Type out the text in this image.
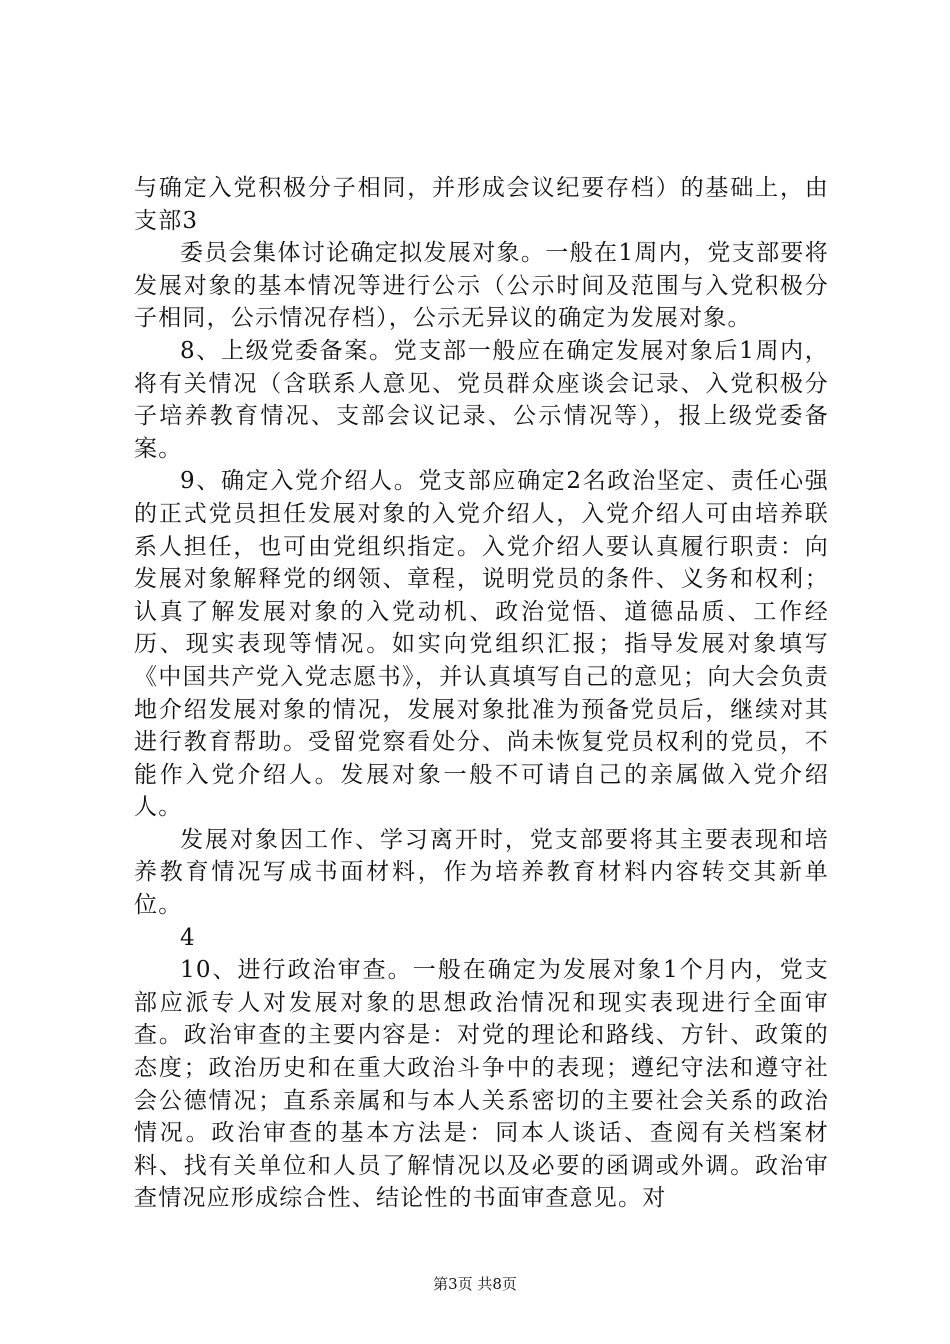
与确定入党积极分子相同，并形成会议纪要存档）的基础上，由支部3

委员会集体讨论确定拟发展对象。一般在1周内，党支部要将发展对象的基本情况等进行公示（公示时间及范围与入党积极分子相同，公示情况存档），公示无异议的确定为发展对象。

8、上级党委备案。党支部一般应在确定发展对象后1周内，将有关情况（含联系人意见、党员群众座谈会记录、入党积极分子培养教育情况、支部会议记录、公示情况等），报上级党委备案。

9、确定入党介绍人。党支部应确定2名政治坚定、责任心强的正式党员担任发展对象的入党介绍人，入党介绍人可由培养联系人担任，也可由党组织指定。入党介绍人要认真履行职责：向发展对象解释党的纲领、章程，说明党员的条件、义务和权利；认真了解发展对象的入党动机、政治觉悟、道德品质、工作经历、现实表现等情况。如实向党组织汇报；指导发展对象填写《中国共产党入党志愿书》，并认真填写自己的意见；向大会负责地介绍发展对象的情况，发展对象批准为预备党员后，继续对其进行教育帮助。受留党察看处分、尚未恢复党员权利的党员，不能作入党介绍人。发展对象一般不可请自己的亲属做入党介绍人。

发展对象因工作、学习离开时，党支部要将其主要表现和培养教育情况写成书面材料，作为培养教育材料内容转交其新单位。

4

10、进行政治审查。一般在确定为发展对象1个月内，党支部应派专人对发展对象的思想政治情况和现实表现进行全面审查。政治审查的主要内容是：对党的理论和路线、方针、政策的态度；政治历史和在重大政治斗争中的表现；遵纪守法和遵守社会公德情况；直系亲属和与本人关系密切的主要社会关系的政治情况。政治审查的基本方法是：同本人谈话、查阅有关档案材料、找有关单位和人员了解情况以及必要的函调或外调。政治审查情况应形成综合性、结论性的书面审查意见。对

第3页 共8页
